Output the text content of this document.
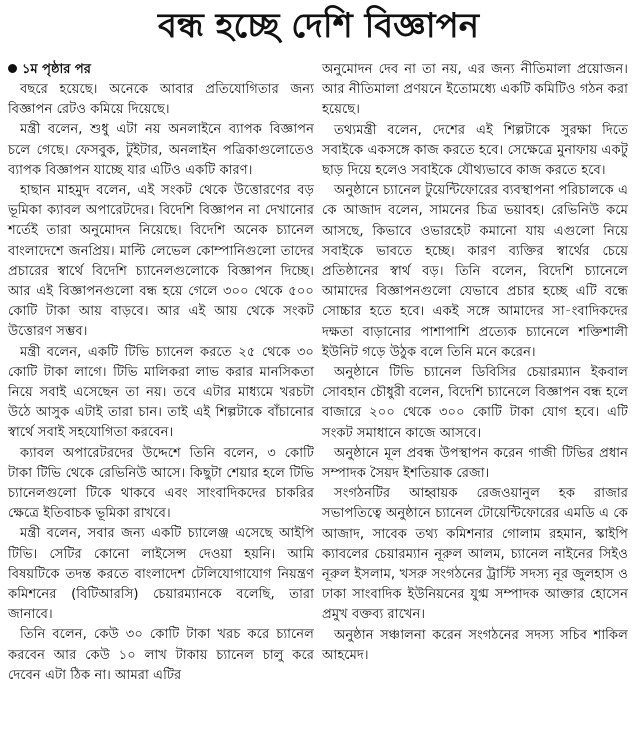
বন্ধ হচ্ছে দেশি বিজ্ঞাপন
১ম পৃষ্ঠার পর

বছরে হয়েছে। অনেকে আবার প্রতিযোগিতার জন্য বিজ্ঞাপন রেটও কমিয়ে দিয়েছে।

মন্ত্রী বলেন, শুধু এটা নয় অনলাইনে ব্যাপক বিজ্ঞাপন চলে গেছে। ফেসবুক, টুইটার, অনলাইন পত্রিকাগুলোতেও ব্যাপক বিজ্ঞাপন যাচ্ছে যার এটিও একটি কারণ।

হাছান মাহমুদ বলেন, এই সংকট থেকে উত্তোরণের বড় ভূমিকা ক্যাবল অপারেটদের। বিদেশি বিজ্ঞাপন না দেখানোর শর্তেই তারা অনুমোদন নিয়েছে। বিদেশি অনেক চ্যানেল বাংলাদেশে জনপ্রিয়। মাল্টি লেভেল কোম্পানিগুলো তাদের প্রচারের স্বার্থে বিদেশি চ্যানেলগুলোকে বিজ্ঞাপন দিচ্ছে। আর এই বিজ্ঞাপনগুলো বন্ধ হয়ে গেলে ৩০০ থেকে ৫০০ কোটি টাকা আয় বাড়বে। আর এই আয় থেকে সংকট উত্তোরণ সম্ভব।

মন্ত্রী বলেন, একটি টিভি চ্যানেল করতে ২৫ থেকে ৩০ কোটি টাকা লাগে। টিভি মালিকরা লাভ করার মানসিকতা নিয়ে সবাই এসেছেন তা নয়। তবে এটার মাধ্যমে খরচটা উঠে আসুক এটাই তারা চান। তাই এই শিল্পটাকে বাঁচানোর স্বার্থে সবাই সহযোগিতা করবেন।

ক্যাবল অপারেটরদের উদ্দেশে তিনি বলেন, ৩ কোটি টাকা টিভি থেকে রেভিনিউ আসে। কিছুটা শেয়ার হলে টিভি চ্যানেলগুলো টিকে থাকবে এবং সাংবাদিকদের চাকরির ক্ষেত্রে ইতিবাচক ভূমিকা রাখবে।

মন্ত্রী বলেন, সবার জন্য একটি চ্যালেঞ্জ এসেছে আইপি টিভি। সেটির কোনো লাইসেন্স দেওয়া হয়নি। আমি বিষয়টিকে তদন্ত করতে বাংলাদেশ টেলিযোগাযোগ নিয়ন্ত্রণ কমিশনের (বিটিআরসি) চেয়ারম্যানকে বলেছি, তারা জানাবে।

তিনি বলেন, কেউ ৩০ কোটি টাকা খরচ করে চ্যানেল করবেন আর কেউ ১০ লাখ টাকায় চ্যানেল চালু করে দেবেন এটা ঠিক না। আমরা এটির

অনুমোদন দেব না তা নয়, এর জন্য নীতিমালা প্রয়োজন। আর নীতিমালা প্রণয়নে ইতোমধ্যে একটি কমিটিও গঠন করা হয়েছে।

তথ্যমন্ত্রী বলেন, দেশের এই শিল্পটাকে সুরক্ষা দিতে সবাইকে একসঙ্গে কাজ করতে হবে। সেক্ষেত্রে মুনাফায় একটু ছাড় দিয়ে হলেও সবাইকে যৌথ্যভাবে কাজ করতে হবে।

অনুষ্ঠানে চ্যানেল টুয়েন্টিফোরের ব্যবস্থাপনা পরিচালকে এ কে আজাদ বলেন, সামনের চিত্র ভয়াবহ। রেভিনিউ কমে আসছে, কিভাবে ওভারহেট কমানো যায় এগুলো নিয়ে সবাইকে ভাবতে হচ্ছে। কারণ ব্যক্তির স্বার্থের চেয়ে প্রতিষ্ঠানের স্বার্থ বড়। তিনি বলেন, বিদেশি চ্যানেলে আমাদের বিজ্ঞাপনগুলো যেভাবে প্রচার হচ্ছে এটি বন্ধে সোচ্চার হতে হবে। একই সঙ্গে আমাদের সা-ংবাদিকদের দক্ষতা বাড়ানোর পাশাপাশি প্রত্যেক চ্যানেলে শক্তিশালী ইউনিট গড়ে উঠুক বলে তিনি মনে করেন।

অনুষ্ঠানে টিভি চ্যানেল ডিবিসির চেয়ারম্যান ইকবাল সোবহান চৌধুরী বলেন, বিদেশি চ্যানেলে বিজ্ঞাপন বন্ধ হলে বাজারে ২০০ থেকে ৩০০ কোটি টাকা যোগ হবে। এটি সংকট সমাধানে কাজে আসবে।

অনুষ্ঠানে মূল প্রবন্ধ উপস্থাপন করেন গাজী টিভির প্রধান সম্পাদক সৈয়দ ইশতিয়াক রেজা।

সংগঠনটির আহ্বায়ক রেজওয়ানুল হক রাজার সভাপতিত্বে অনুষ্ঠানে চ্যানেল টোয়েন্টিফোরের এমডি এ কে আজাদ, সাবেক তথ্য কমিশনার গোলাম রহমান, স্কাইপি ক্যাবলের চেয়ারম্যান নূরুল আলম, চ্যানেল নাইনের সিইও নূরুল ইসলাম, খসরু সংগঠনের ট্রাস্টি সদস্য নূর জুলহাস ও ঢাকা সাংবাদিক ইউনিয়নের যুগ্ম সম্পাদক আক্তার হোসেন প্রমুখ বক্তব্য রাখেন।

অনুষ্ঠান সঞ্চালনা করেন সংগঠনের সদস্য সচিব শাকিল আহমেদ।
